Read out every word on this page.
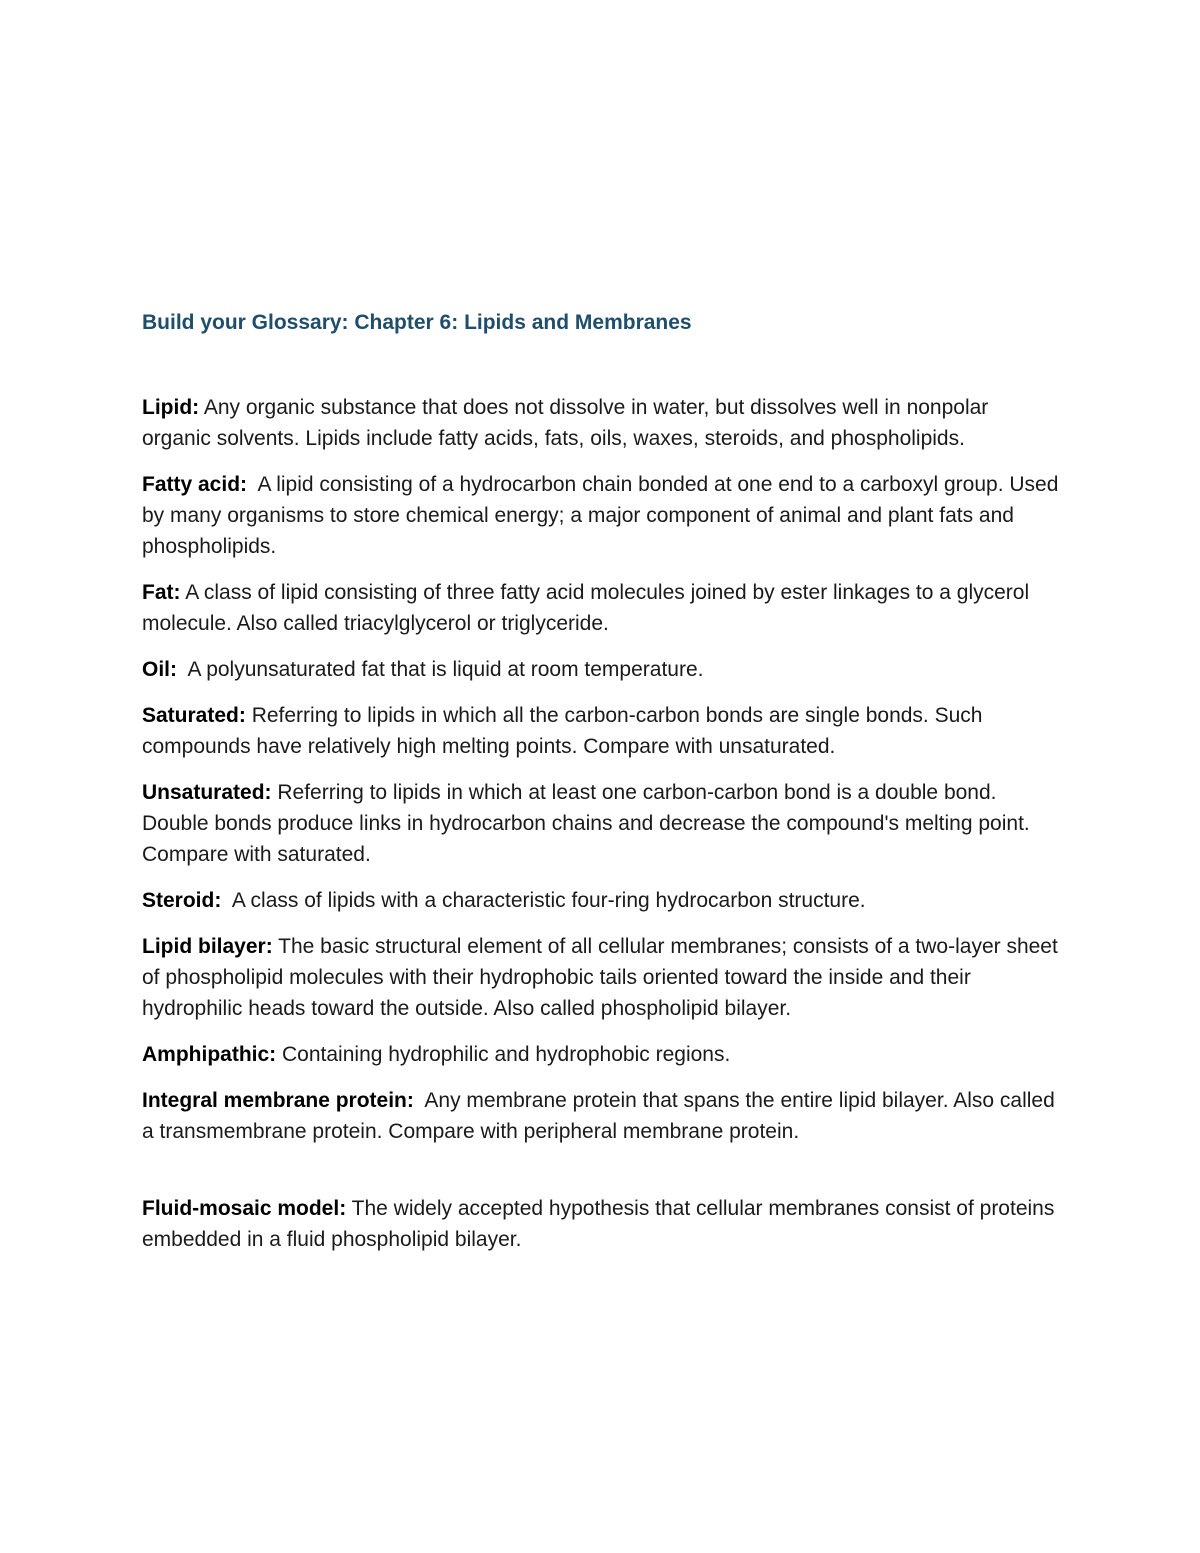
Build your Glossary: Chapter 6: Lipids and Membranes

Lipid: Any organic substance that does not dissolve in water, but dissolves well in nonpolar organic solvents. Lipids include fatty acids, fats, oils, waxes, steroids, and phospholipids.

Fatty acid: A lipid consisting of a hydrocarbon chain bonded at one end to a carboxyl group. Used by many organisms to store chemical energy; a major component of animal and plant fats and phospholipids.

Fat: A class of lipid consisting of three fatty acid molecules joined by ester linkages to a glycerol molecule. Also called triacylglycerol or triglyceride.

Oil: A polyunsaturated fat that is liquid at room temperature.

Saturated: Referring to lipids in which all the carbon-carbon bonds are single bonds. Such compounds have relatively high melting points. Compare with unsaturated.

Unsaturated: Referring to lipids in which at least one carbon-carbon bond is a double bond. Double bonds produce links in hydrocarbon chains and decrease the compound's melting point. Compare with saturated.

Steroid: A class of lipids with a characteristic four-ring hydrocarbon structure.

Lipid bilayer: The basic structural element of all cellular membranes; consists of a two-layer sheet of phospholipid molecules with their hydrophobic tails oriented toward the inside and their hydrophilic heads toward the outside. Also called phospholipid bilayer.

Amphipathic: Containing hydrophilic and hydrophobic regions.

Integral membrane protein: Any membrane protein that spans the entire lipid bilayer. Also called a transmembrane protein. Compare with peripheral membrane protein.

Fluid-mosaic model: The widely accepted hypothesis that cellular membranes consist of proteins embedded in a fluid phospholipid bilayer.
